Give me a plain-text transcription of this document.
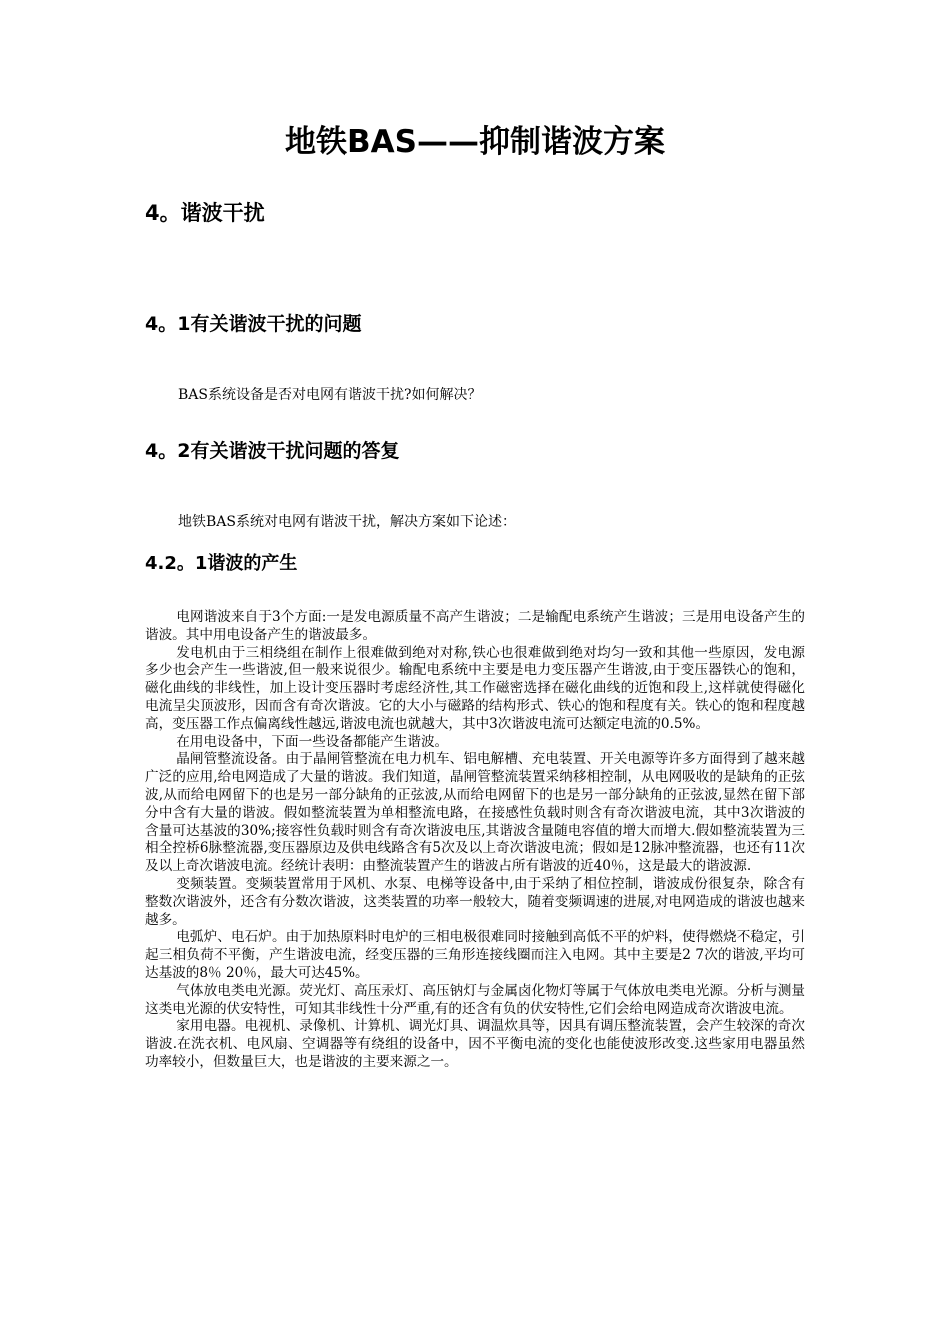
地铁BAS——抑制谐波方案
4。谐波干扰
4。1有关谐波干扰的问题

BAS系统设备是否对电网有谐波干扰?如何解决？

4。2有关谐波干扰问题的答复

地铁BAS系统对电网有谐波干扰，解决方案如下论述：

4.2。1谐波的产生

电网谐波来自于3个方面:一是发电源质量不高产生谐波；二是输配电系统产生谐波；三是用电设备产生的谐波。其中用电设备产生的谐波最多。

发电机由于三相绕组在制作上很难做到绝对对称,铁心也很难做到绝对均匀一致和其他一些原因，发电源多少也会产生一些谐波,但一般来说很少。输配电系统中主要是电力变压器产生谐波,由于变压器铁心的饱和，磁化曲线的非线性，加上设计变压器时考虑经济性,其工作磁密选择在磁化曲线的近饱和段上,这样就使得磁化电流呈尖顶波形，因而含有奇次谐波。它的大小与磁路的结构形式、铁心的饱和程度有关。铁心的饱和程度越高，变压器工作点偏离线性越远,谐波电流也就越大，其中3次谐波电流可达额定电流的0.5%。

在用电设备中，下面一些设备都能产生谐波。

晶闸管整流设备。由于晶闸管整流在电力机车、铝电解槽、充电装置、开关电源等许多方面得到了越来越广泛的应用,给电网造成了大量的谐波。我们知道，晶闸管整流装置采纳移相控制，从电网吸收的是缺角的正弦波,从而给电网留下的也是另一部分缺角的正弦波,从而给电网留下的也是另一部分缺角的正弦波,显然在留下部分中含有大量的谐波。假如整流装置为单相整流电路，在接感性负载时则含有奇次谐波电流，其中3次谐波的含量可达基波的30%;接容性负载时则含有奇次谐波电压,其谐波含量随电容值的增大而增大.假如整流装置为三相全控桥6脉整流器,变压器原边及供电线路含有5次及以上奇次谐波电流；假如是12脉冲整流器，也还有11次及以上奇次谐波电流。经统计表明：由整流装置产生的谐波占所有谐波的近40％，这是最大的谐波源.

变频装置。变频装置常用于风机、水泵、电梯等设备中,由于采纳了相位控制，谐波成份很复杂，除含有整数次谐波外，还含有分数次谐波，这类装置的功率一般较大，随着变频调速的进展,对电网造成的谐波也越来越多。

电弧炉、电石炉。由于加热原料时电炉的三相电极很难同时接触到高低不平的炉料，使得燃烧不稳定，引起三相负荷不平衡，产生谐波电流，经变压器的三角形连接线圈而注入电网。其中主要是2 7次的谐波,平均可达基波的8％ 20％，最大可达45%。

气体放电类电光源。荧光灯、高压汞灯、高压钠灯与金属卤化物灯等属于气体放电类电光源。分析与测量这类电光源的伏安特性，可知其非线性十分严重,有的还含有负的伏安特性,它们会给电网造成奇次谐波电流。

家用电器。电视机、录像机、计算机、调光灯具、调温炊具等，因具有调压整流装置，会产生较深的奇次谐波.在洗衣机、电风扇、空调器等有绕组的设备中，因不平衡电流的变化也能使波形改变.这些家用电器虽然功率较小，但数量巨大，也是谐波的主要来源之一。
